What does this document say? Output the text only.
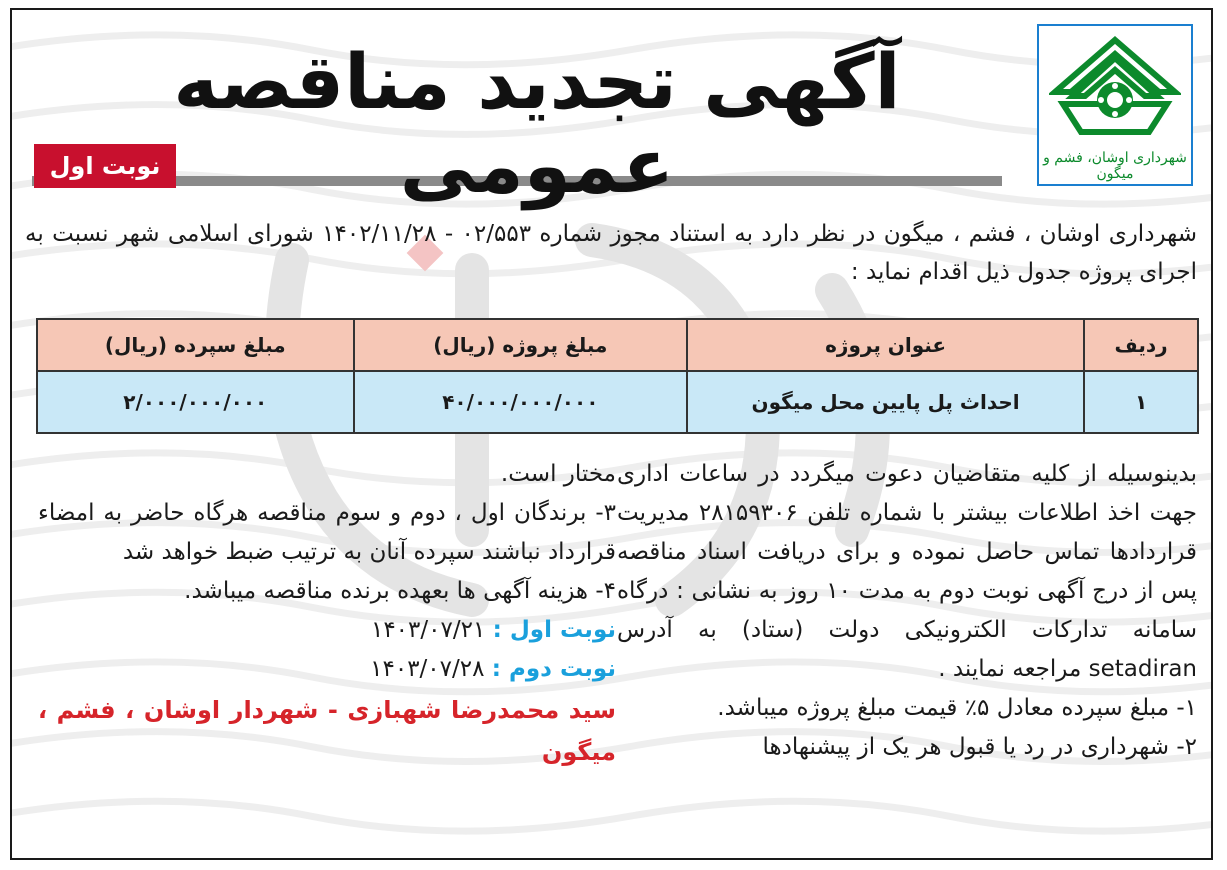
شهرداری اوشان، فشم و میگون
آگهی تجدید مناقصه عمومی
نوبت اول
شهرداری اوشان ، فشم ، میگون در نظر دارد به استناد مجوز شماره ۰۲/۵۵۳ - ۱۴۰۲/۱۱/۲۸ شورای اسلامی شهر نسبت به اجرای پروژه جدول ذیل اقدام نماید :
ردیف	عنوان پروژه	مبلغ پروژه (ریال)	مبلغ سپرده (ریال)
۱	احداث پل پایین محل میگون	۴۰/۰۰۰/۰۰۰/۰۰۰	۲/۰۰۰/۰۰۰/۰۰۰

بدینوسیله از کلیه متقاضیان دعوت میگردد در ساعات اداری جهت اخذ اطلاعات بیشتر با شماره تلفن ۲۸۱۵۹۳۰۶ مدیریت قراردادها تماس حاصل نموده و برای دریافت اسناد مناقصه پس از درج آگهی نوبت دوم به مدت ۱۰ روز به نشانی : درگاه سامانه تدارکات الکترونیکی دولت (ستاد) به آدرس setadiran مراجعه نمایند .

۱- مبلغ سپرده معادل ۵٪ قیمت مبلغ پروژه میباشد.

۲- شهرداری در رد یا قبول هر یک از پیشنهادها

مختار است.

۳- برندگان اول ، دوم و سوم مناقصه هرگاه حاضر به امضاء قرارداد نباشند سپرده آنان به ترتیب ضبط خواهد شد

۴- هزینه آگهی ها بعهده برنده مناقصه میباشد.

نوبت اول : ۱۴۰۳/۰۷/۲۱

نوبت دوم : ۱۴۰۳/۰۷/۲۸

سید محمدرضا شهبازی - شهردار اوشان ، فشم ، میگون
